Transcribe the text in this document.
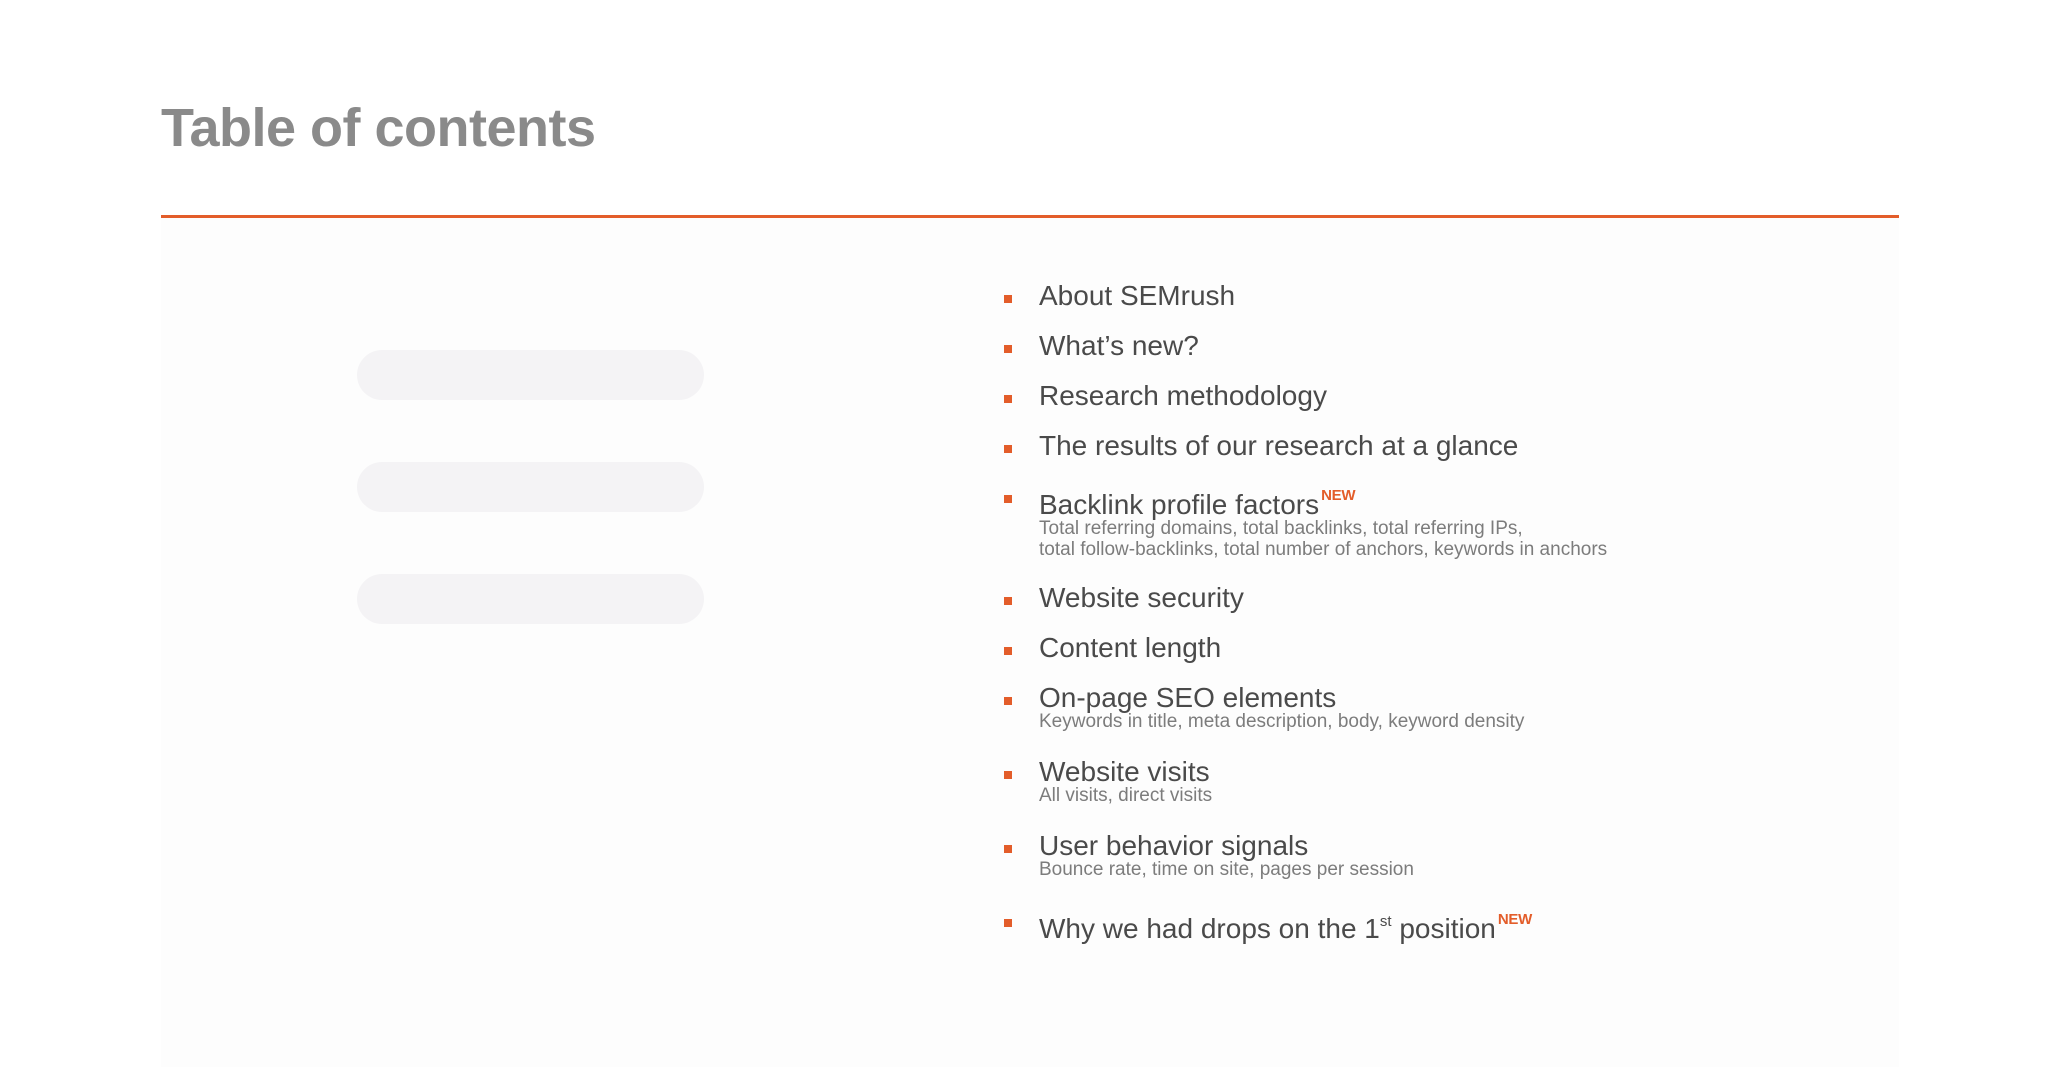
Table of contents
About SEMrush
What’s new?
Research methodology
The results of our research at a glance
Backlink profile factors $^{NEW}$
Total referring domains, total backlinks, total referring IPs,
total follow-backlinks, total number of anchors, keywords in anchors
Website security
Content length
On-page SEO elements
Keywords in title, meta description, body, keyword density
Website visits
All visits, direct visits
User behavior signals
Bounce rate, time on site, pages per session
Why we had drops on the 1st position $^{NEW}$
